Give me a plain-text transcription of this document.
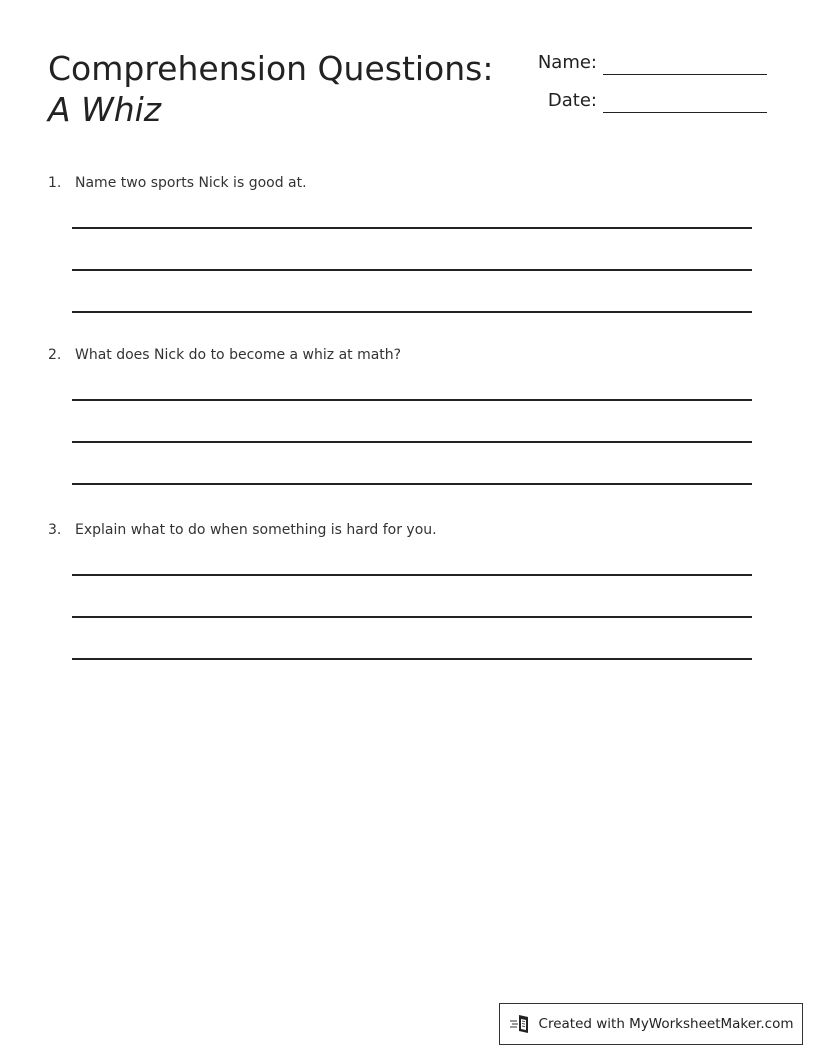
Comprehension Questions: A Whiz
Name:
Date:
1. Name two sports Nick is good at.
2. What does Nick do to become a whiz at math?
3. Explain what to do when something is hard for you.
Created with MyWorksheetMaker.com
